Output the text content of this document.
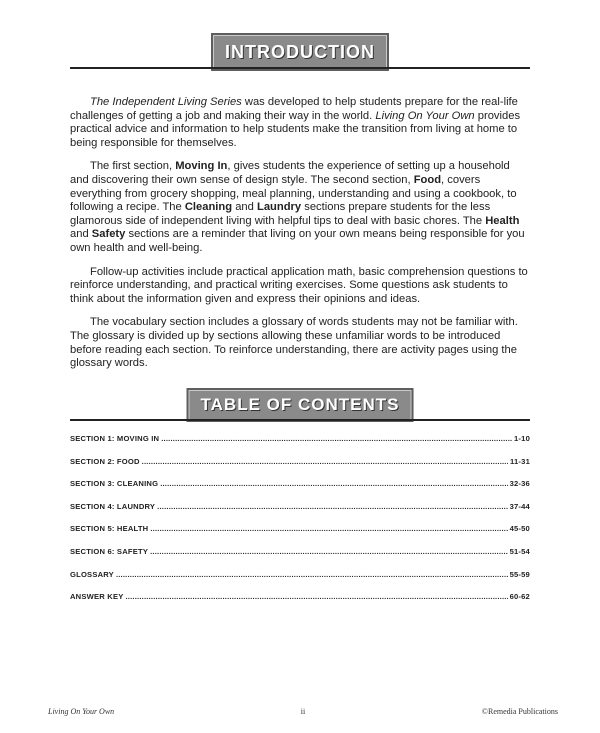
INTRODUCTION

The Independent Living Series was developed to help students prepare for the real-life challenges of getting a job and making their way in the world. Living On Your Own provides practical advice and information to help students make the transition from living at home to being responsible for themselves.

The first section, Moving In, gives students the experience of setting up a household and discovering their own sense of design style. The second section, Food, covers everything from grocery shopping, meal planning, understanding and using a cookbook, to following a recipe. The Cleaning and Laundry sections prepare students for the less glamorous side of independent living with helpful tips to deal with basic chores. The Health and Safety sections are a reminder that living on your own means being responsible for you own health and well-being.

Follow-up activities include practical application math, basic comprehension questions to reinforce understanding, and practical writing exercises. Some questions ask students to think about the information given and express their opinions and ideas.

The vocabulary section includes a glossary of words students may not be familiar with. The glossary is divided up by sections allowing these unfamiliar words to be introduced before reading each section. To reinforce understanding, there are activity pages using the glossary words.

TABLE OF CONTENTS
SECTION 1: MOVING IN .....	1-10
SECTION 2: FOOD .....	11-31
SECTION 3: CLEANING .....	32-36
SECTION 4: LAUNDRY .....	37-44
SECTION 5: HEALTH .....	45-50
SECTION 6: SAFETY .....	51-54
GLOSSARY .....	55-59
ANSWER KEY .....	60-62
Living On Your Own	ii	©Remedia Publications
